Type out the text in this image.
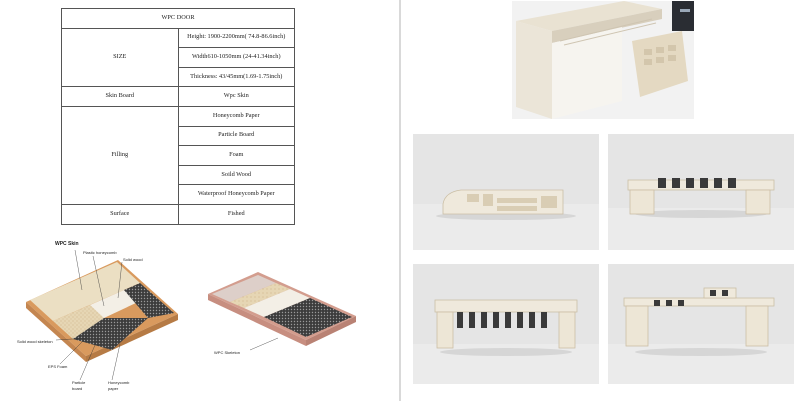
WPC DOOR	
SIZE	Height: 1900-2200mm( 74.8-86.6inch)
	Width610-1050mm (24-41.34inch)
	Thickness: 43/45mm(1.69-1.75inch)
Skin Board	Wpc Skin
Filling	Honeycomb Paper
	Particle Board
	Foam
	Soild Wood
	Waterproof Honeycomb Paper
Surface	Fished
WPC Skin
Plastic honeycomb
Solid wood
Solid wood skeleton
EPS Foam
Particle
board
Honeycomb
paper
WPC Skeleton
